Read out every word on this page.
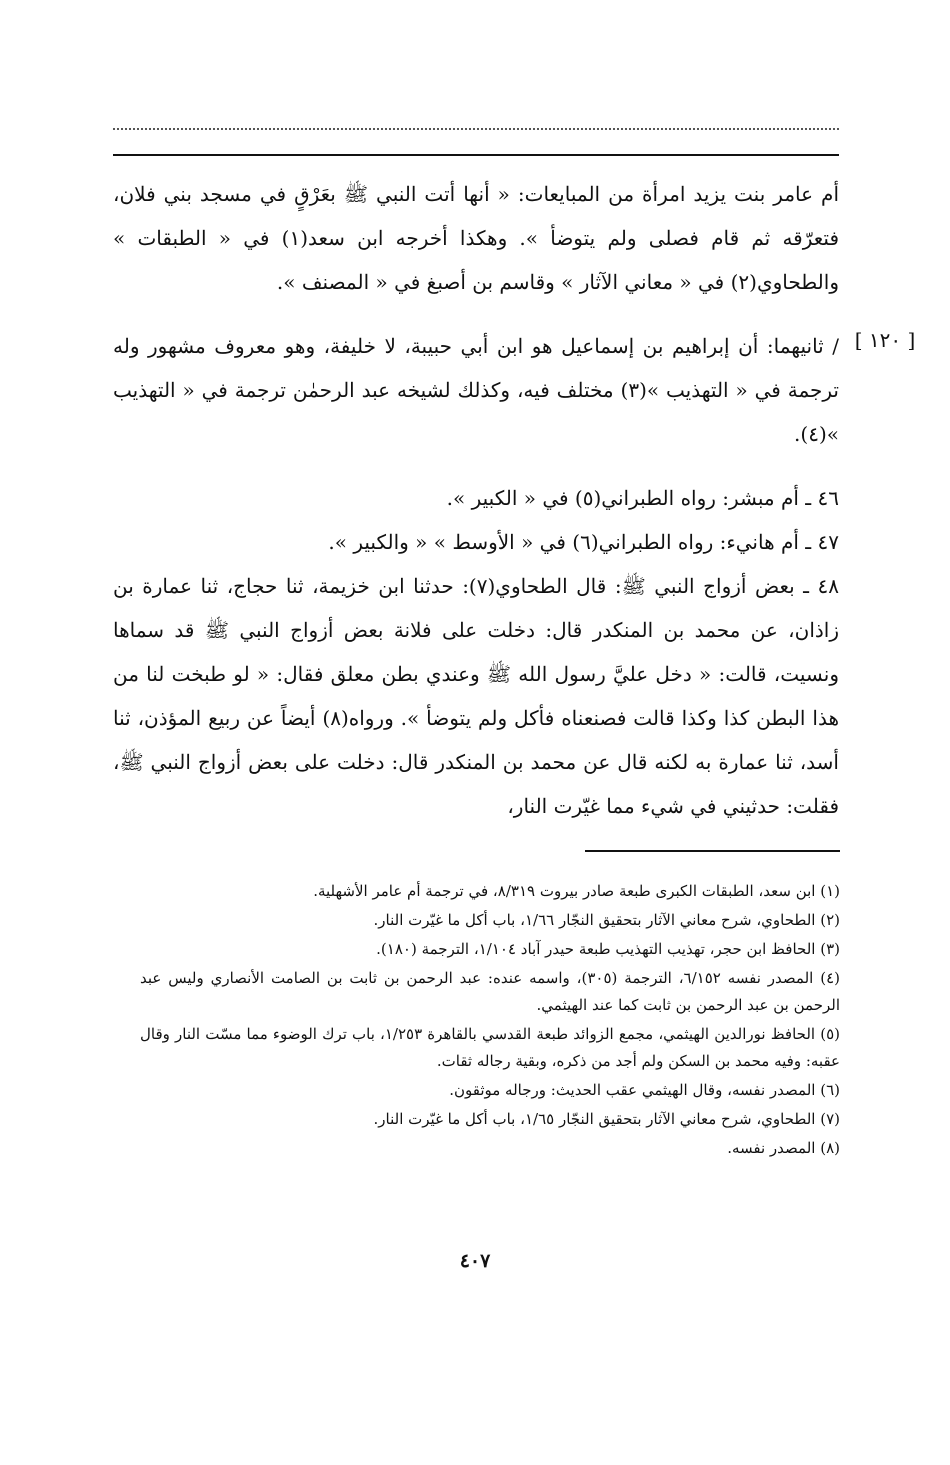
[ ١٢٠ ]

أم عامر بنت يزيد امرأة من المبايعات: « أنها أتت النبي ﷺ بعَرْقٍ في مسجد بني فلان، فتعرّقه ثم قام فصلى ولم يتوضأ ». وهكذا أخرجه ابن سعد(١) في « الطبقات » والطحاوي(٢) في « معاني الآثار » وقاسم بن أصبغ في « المصنف ».

/ ثانيهما: أن إبراهيم بن إسماعيل هو ابن أبي حبيبة، لا خليفة، وهو معروف مشهور وله ترجمة في « التهذيب »(٣) مختلف فيه، وكذلك لشيخه عبد الرحمٰن ترجمة في « التهذيب »(٤).

٤٦ ـ أم مبشر: رواه الطبراني(٥) في « الكبير ».

٤٧ ـ أم هانيء: رواه الطبراني(٦) في « الأوسط » « والكبير ».

٤٨ ـ بعض أزواج النبي ﷺ: قال الطحاوي(٧): حدثنا ابن خزيمة، ثنا حجاج، ثنا عمارة بن زاذان، عن محمد بن المنكدر قال: دخلت على فلانة بعض أزواج النبي ﷺ قد سماها ونسيت، قالت: « دخل عليَّ رسول الله ﷺ وعندي بطن معلق فقال: « لو طبخت لنا من هذا البطن كذا وكذا قالت فصنعناه فأكل ولم يتوضأ ». ورواه(٨) أيضاً عن ربيع المؤذن، ثنا أسد، ثنا عمارة به لكنه قال عن محمد بن المنكدر قال: دخلت على بعض أزواج النبي ﷺ، فقلت: حدثيني في شيء مما غيّرت النار،

(١) ابن سعد، الطبقات الكبرى طبعة صادر بيروت ٨/٣١٩، في ترجمة أم عامر الأشهلية.

(٢) الطحاوي، شرح معاني الآثار بتحقيق النجّار ١/٦٦، باب أكل ما غيّرت النار.

(٣) الحافظ ابن حجر، تهذيب التهذيب طبعة حيدر آباد ١/١٠٤، الترجمة (١٨٠).

(٤) المصدر نفسه ٦/١٥٢، الترجمة (٣٠٥)، واسمه عنده: عبد الرحمن بن ثابت بن الصامت الأنصاري وليس عبد الرحمن بن عبد الرحمن بن ثابت كما عند الهيثمي.

(٥) الحافظ نورالدين الهيثمي، مجمع الزوائد طبعة القدسي بالقاهرة ١/٢٥٣، باب ترك الوضوء مما مسّت النار وقال عقبه: وفيه محمد بن السكن ولم أجد من ذكره، وبقية رجاله ثقات.

(٦) المصدر نفسه، وقال الهيثمي عقب الحديث: ورجاله موثقون.

(٧) الطحاوي، شرح معاني الآثار بتحقيق النجّار ١/٦٥، باب أكل ما غيّرت النار.

(٨) المصدر نفسه.

٤٠٧
